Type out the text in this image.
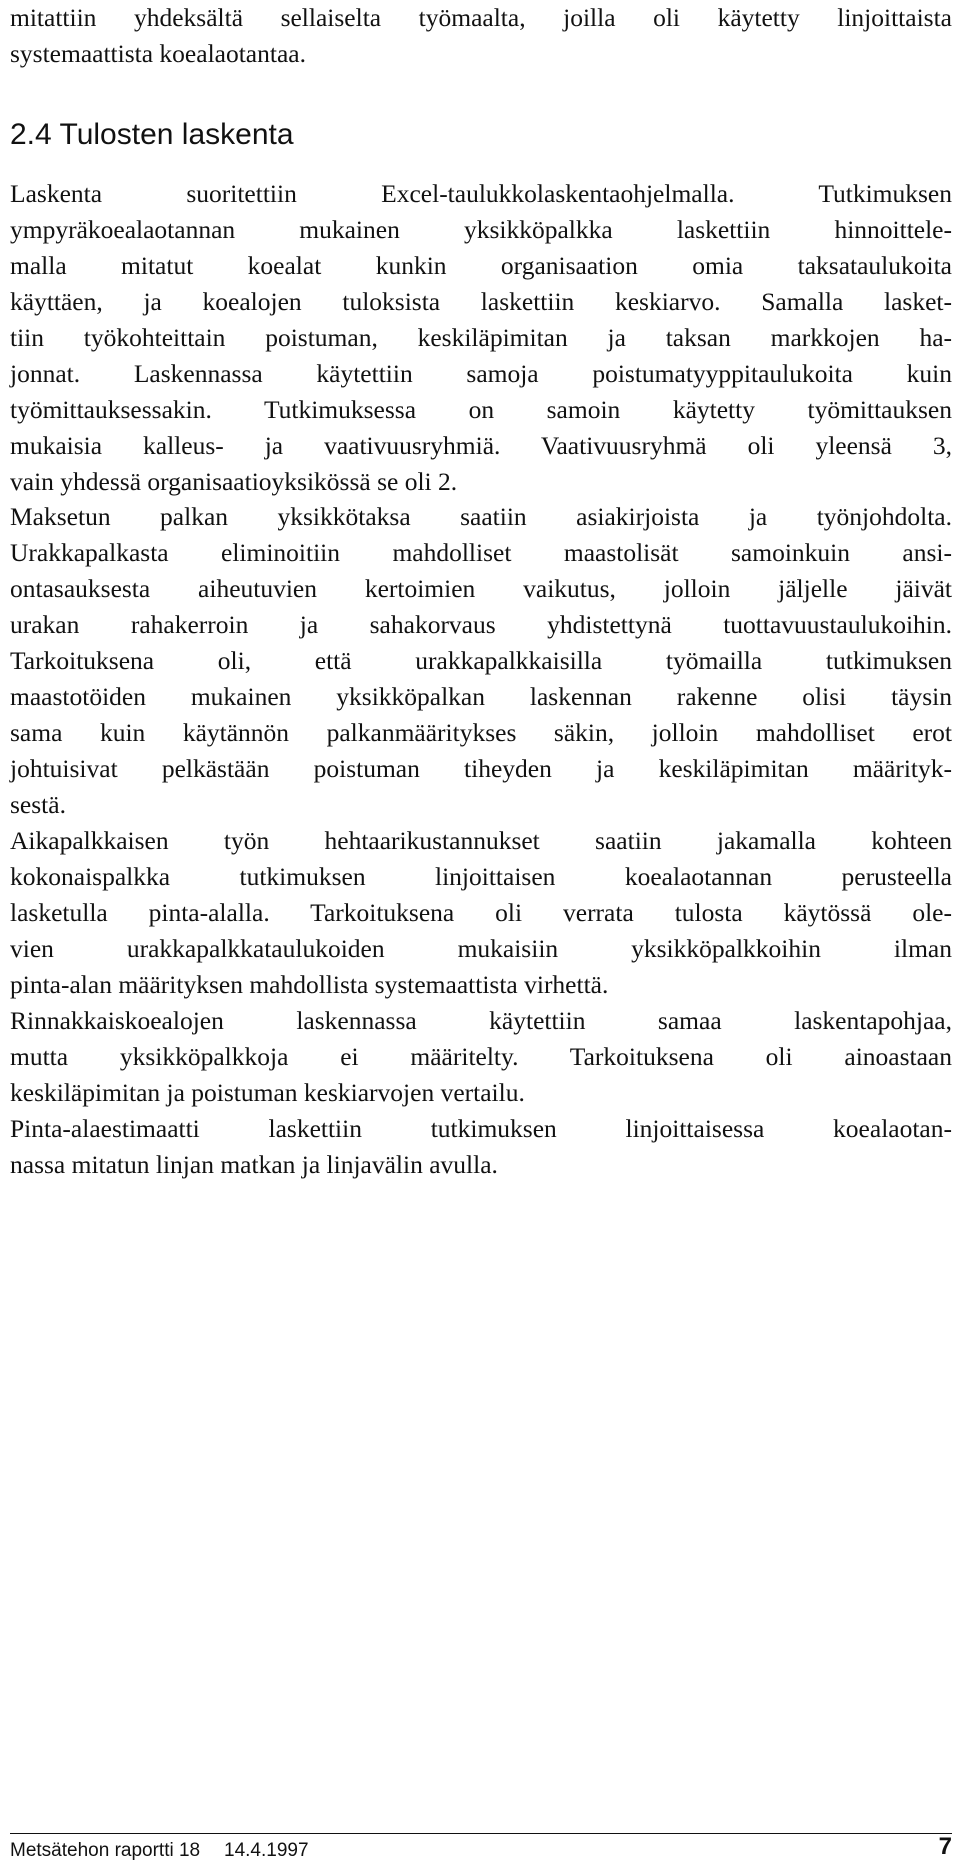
mitattiin yhdeksältä sellaiselta työmaalta, joilla oli käytetty linjoittaista
systemaattista koealaotantaa.
2.4 Tulosten laskenta
Laskenta suoritettiin Excel-taulukkolaskentaohjelmalla. Tutkimuksen
ympyräkoealaotannan mukainen yksikköpalkka laskettiin hinnoittele-
malla mitatut koealat kunkin organisaation omia taksataulukoita
käyttäen, ja koealojen tuloksista laskettiin keskiarvo. Samalla lasket-
tiin työkohteittain poistuman, keskiläpimitan ja taksan markkojen ha-
jonnat. Laskennassa käytettiin samoja poistumatyyppitaulukoita kuin
työmittauksessakin. Tutkimuksessa on samoin käytetty työmittauksen
mukaisia kalleus- ja vaativuusryhmiä. Vaativuusryhmä oli yleensä 3,
vain yhdessä organisaatioyksikössä se oli 2.
Maksetun palkan yksikkötaksa saatiin asiakirjoista ja työnjohdolta.
Urakkapalkasta eliminoitiin mahdolliset maastolisät samoinkuin ansi-
ontasauksesta aiheutuvien kertoimien vaikutus, jolloin jäljelle jäivät
urakan rahakerroin ja sahakorvaus yhdistettynä tuottavuustaulukoihin.
Tarkoituksena oli, että urakkapalkkaisilla työmailla tutkimuksen
maastotöiden mukainen yksikköpalkan laskennan rakenne olisi täysin
sama kuin käytännön palkanmääritykses säkin, jolloin mahdolliset erot
johtuisivat pelkästään poistuman tiheyden ja keskiläpimitan määrityk-
sestä.
Aikapalkkaisen työn hehtaarikustannukset saatiin jakamalla kohteen
kokonaispalkka tutkimuksen linjoittaisen koealaotannan perusteella
lasketulla pinta-alalla. Tarkoituksena oli verrata tulosta käytössä ole-
vien urakkapalkkataulukoiden mukaisiin yksikköpalkkoihin ilman
pinta-alan määrityksen mahdollista systemaattista virhettä.
Rinnakkaiskoealojen laskennassa käytettiin samaa laskentapohjaa,
mutta yksikköpalkkoja ei määritelty. Tarkoituksena oli ainoastaan
keskiläpimitan ja poistuman keskiarvojen vertailu.
Pinta-alaestimaatti laskettiin tutkimuksen linjoittaisessa koealaotan-
nassa mitatun linjan matkan ja linjavälin avulla.
Metsätehon raportti 18 14.4.1997	7
